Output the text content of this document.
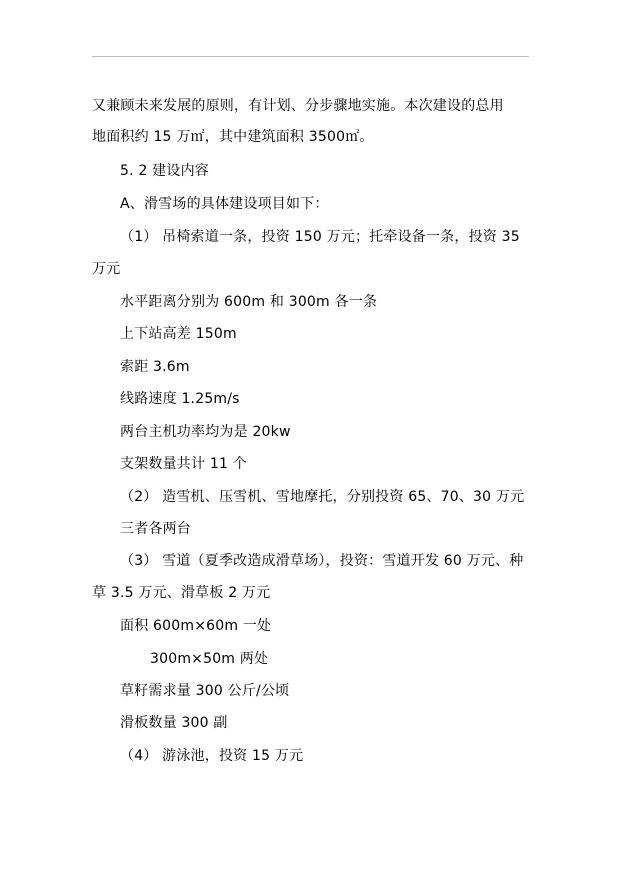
又兼顾未来发展的原则，有计划、分步骤地实施。本次建设的总用
地面积约 15 万㎡，其中建筑面积 3500㎡。
5. 2 建设内容
A、滑雪场的具体建设项目如下：
（1） 吊椅索道一条，投资 150 万元；托牵设备一条，投资 35
万元
水平距离分别为 600m 和 300m 各一条
上下站高差 150m
索距 3.6m
线路速度 1.25m/s
两台主机功率均为是 20kw
支架数量共计 11 个
（2） 造雪机、压雪机、雪地摩托，分别投资 65、70、30 万元
三者各两台
（3） 雪道（夏季改造成滑草场），投资：雪道开发 60 万元、种
草 3.5 万元、滑草板 2 万元
面积 600m×60m 一处
300m×50m 两处
草籽需求量 300 公斤/公顷
滑板数量 300 副
（4） 游泳池，投资 15 万元
